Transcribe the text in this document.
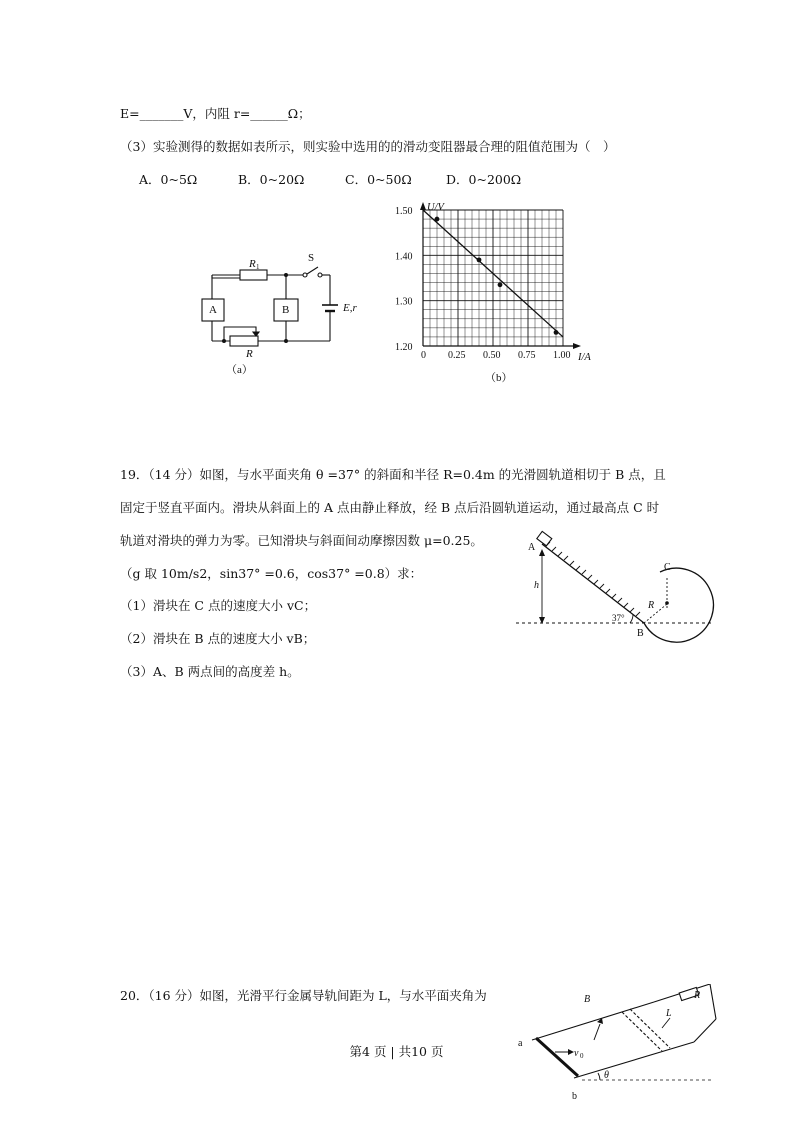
E=_______V，内阻 r=______Ω；
（3）实验测得的数据如表所示，则实验中选用的的滑动变阻器最合理的阻值范围为（　）
A．0~5Ω	B．0~20Ω	C．0~50Ω	D．0~200Ω
R 1
S
A	B	E,r
R
（a）
U/V
I/A
0 0.25 0.50 0.75 1.00
1.20
1.30
1.40
1.50
（b）
19．（14 分）如图，与水平面夹角 θ =37° 的斜面和半径 R=0.4m 的光滑圆轨道相切于 B 点，且
固定于竖直平面内。滑块从斜面上的 A 点由静止释放，经 B 点后沿圆轨道运动，通过最高点 C 时
轨道对滑块的弹力为零。已知滑块与斜面间动摩擦因数 μ=0.25。
（g 取 10m/s2，sin37° =0.6，cos37° =0.8）求：
（1）滑块在 C 点的速度大小 vC；
（2）滑块在 B 点的速度大小 vB；
（3）A、B 两点间的高度差 h。
A
B
C
h
R
37°
20．（16 分）如图，光滑平行金属导轨间距为 L，与水平面夹角为	B	R
L
a
b
v 0
θ
第4 页 | 共10 页
